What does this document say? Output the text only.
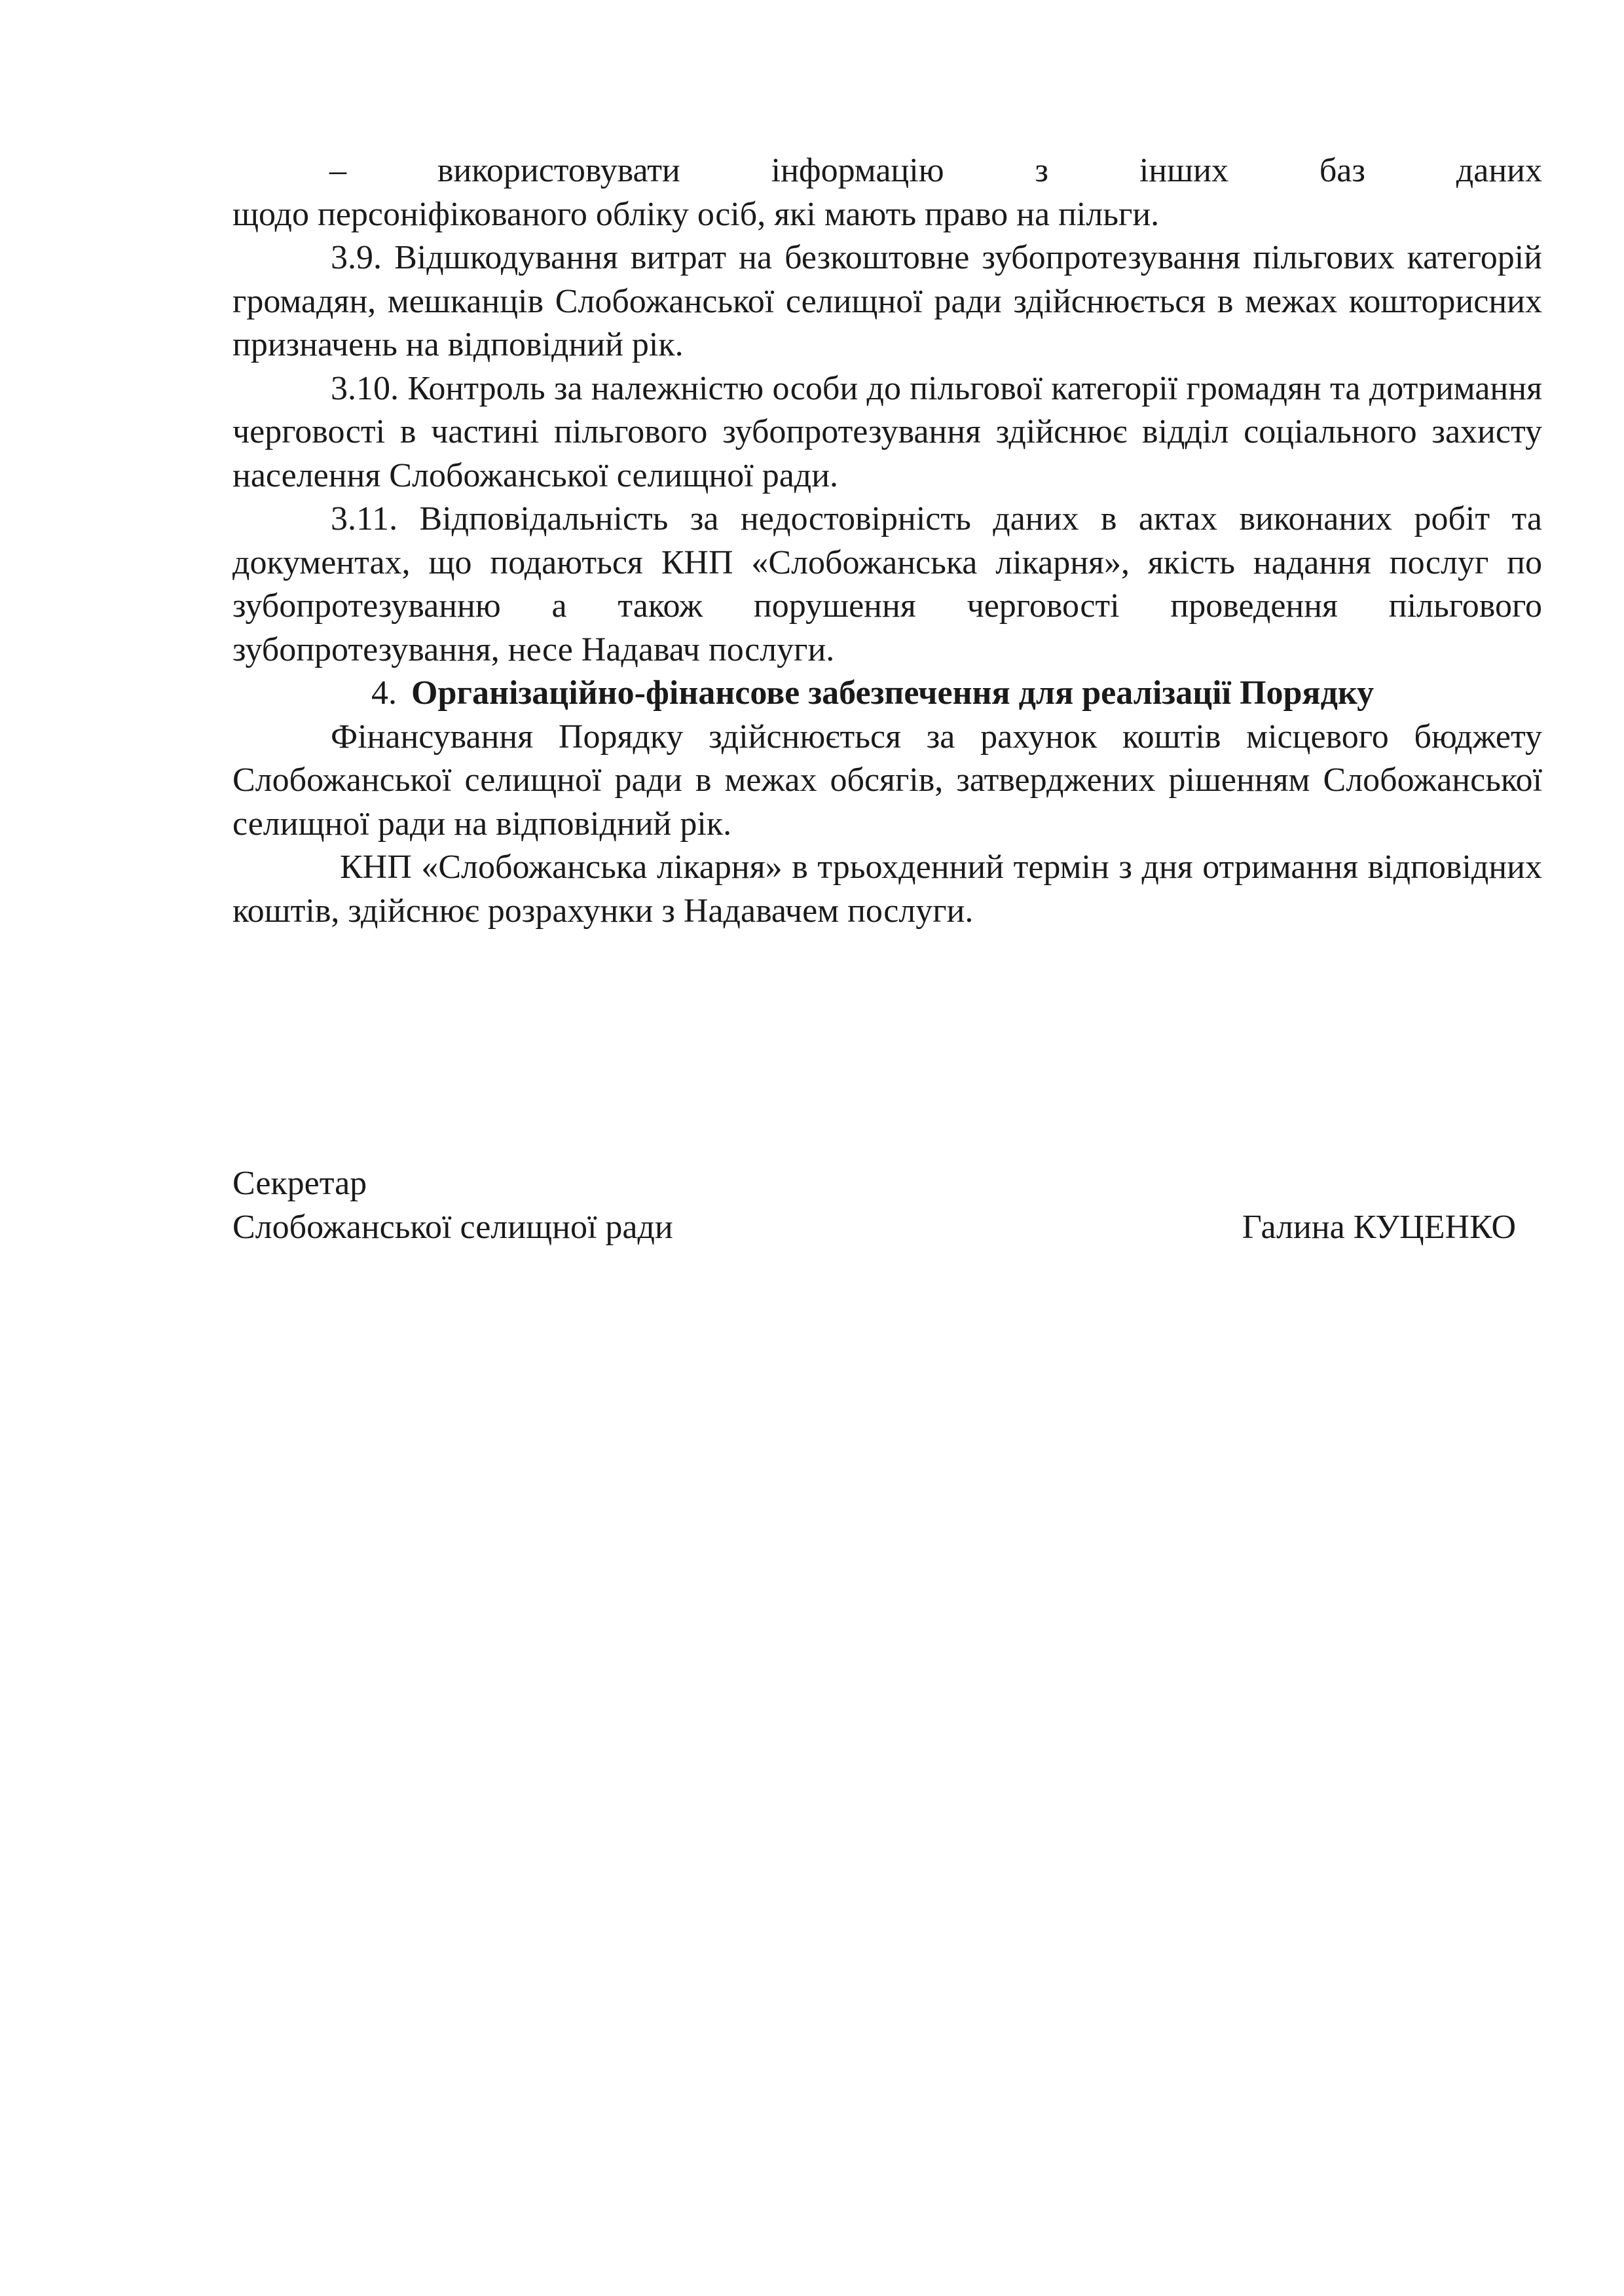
– використовувати інформацію з інших баз даних

щодо персоніфікованого обліку осіб, які мають право на пільги.

3.9. Відшкодування витрат на безкоштовне зубопротезування пільгових категорій громадян, мешканців Слобожанської селищної ради здійснюється в межах кошторисних призначень на відповідний рік.

3.10. Контроль за належністю особи до пільгової категорії громадян та дотримання черговості в частині пільгового зубопротезування здійснює відділ соціального захисту населення Слобожанської селищної ради.

3.11. Відповідальність за недостовірність даних в актах виконаних робіт та документах, що подаються КНП «Слобожанська лікарня», якість надання послуг по зубопротезуванню а також порушення черговості проведення пільгового зубопротезування, несе Надавач послуги.

4. Організаційно-фінансове забезпечення для реалізації Порядку

Фінансування Порядку здійснюється за рахунок коштів місцевого бюджету Слобожанської селищної ради в межах обсягів, затверджених рішенням Слобожанської селищної ради на відповідний рік.

КНП «Слобожанська лікарня» в трьохденний термін з дня отримання відповідних коштів, здійснює розрахунки з Надавачем послуги.

Секретар
Слобожанської селищної ради	Галина КУЦЕНКО
